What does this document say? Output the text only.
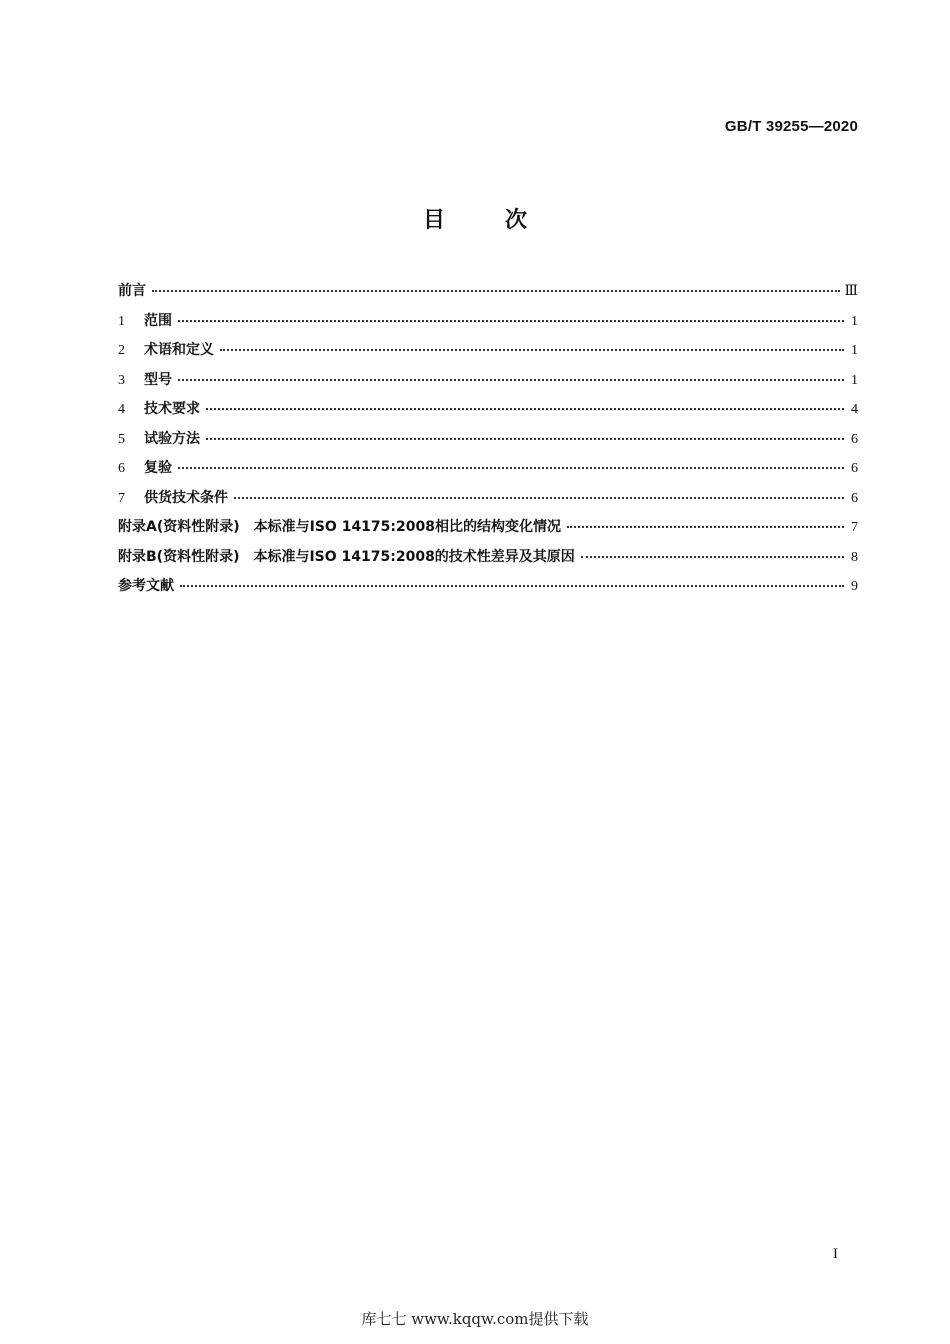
GB/T 39255—2020
目次
前言	Ⅲ
1	范围	1
2	术语和定义	1
3	型号	1
4	技术要求	4
5	试验方法	6
6	复验	6
7	供货技术条件	6
附录A(资料性附录)　本标准与ISO 14175:2008相比的结构变化情况	7
附录B(资料性附录)　本标准与ISO 14175:2008的技术性差异及其原因	8
参考文献	9
I
库七七 www.kqqw.com提供下载
